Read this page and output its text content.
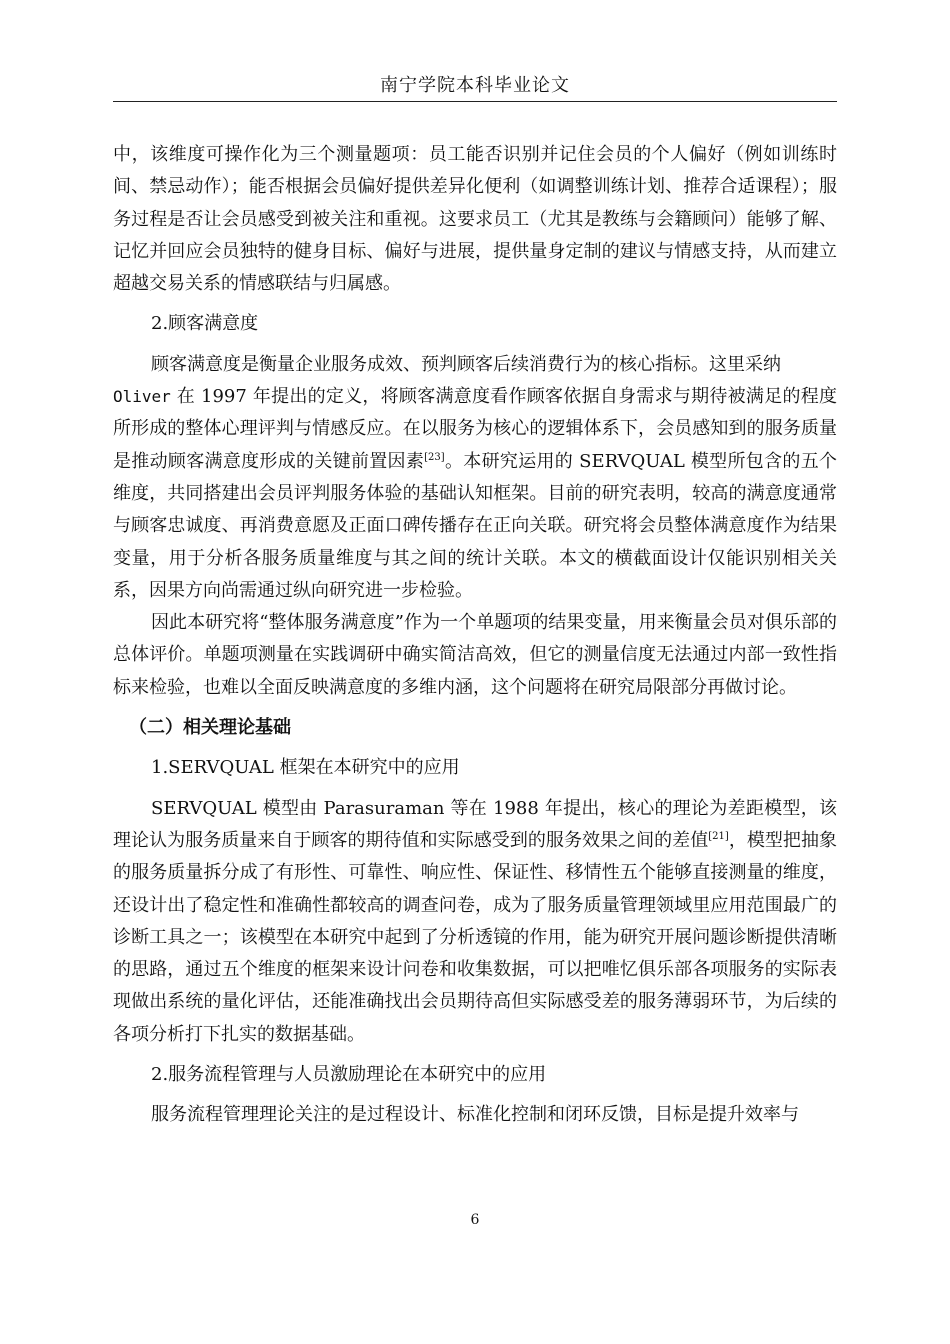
南宁学院本科毕业论文

中，该维度可操作化为三个测量题项：员工能否识别并记住会员的个人偏好（例如训练时间、禁忌动作）；能否根据会员偏好提供差异化便利（如调整训练计划、推荐合适课程）；服务过程是否让会员感受到被关注和重视。这要求员工（尤其是教练与会籍顾问）能够了解、记忆并回应会员独特的健身目标、偏好与进展，提供量身定制的建议与情感支持，从而建立超越交易关系的情感联结与归属感。

2.顾客满意度

顾客满意度是衡量企业服务成效、预判顾客后续消费行为的核心指标。这里采纳
Oliver 在 1997 年提出的定义，将顾客满意度看作顾客依据自身需求与期待被满足的程度所形成的整体心理评判与情感反应。在以服务为核心的逻辑体系下，会员感知到的服务质量是推动顾客满意度形成的关键前置因素[23]。本研究运用的 SERVQUAL 模型所包含的五个维度，共同搭建出会员评判服务体验的基础认知框架。目前的研究表明，较高的满意度通常与顾客忠诚度、再消费意愿及正面口碑传播存在正向关联。研究将会员整体满意度作为结果变量，用于分析各服务质量维度与其之间的统计关联。本文的横截面设计仅能识别相关关系，因果方向尚需通过纵向研究进一步检验。

因此本研究将“整体服务满意度”作为一个单题项的结果变量，用来衡量会员对俱乐部的总体评价。单题项测量在实践调研中确实简洁高效，但它的测量信度无法通过内部一致性指标来检验，也难以全面反映满意度的多维内涵，这个问题将在研究局限部分再做讨论。

（二）相关理论基础

1.SERVQUAL 框架在本研究中的应用

SERVQUAL 模型由 Parasuraman 等在 1988 年提出，核心的理论为差距模型，该理论认为服务质量来自于顾客的期待值和实际感受到的服务效果之间的差值[21]，模型把抽象的服务质量拆分成了有形性、可靠性、响应性、保证性、移情性五个能够直接测量的维度，还设计出了稳定性和准确性都较高的调查问卷，成为了服务质量管理领域里应用范围最广的诊断工具之一；该模型在本研究中起到了分析透镜的作用，能为研究开展问题诊断提供清晰的思路，通过五个维度的框架来设计问卷和收集数据，可以把唯忆俱乐部各项服务的实际表现做出系统的量化评估，还能准确找出会员期待高但实际感受差的服务薄弱环节，为后续的各项分析打下扎实的数据基础。

2.服务流程管理与人员激励理论在本研究中的应用

服务流程管理理论关注的是过程设计、标准化控制和闭环反馈，目标是提升效率与

6
